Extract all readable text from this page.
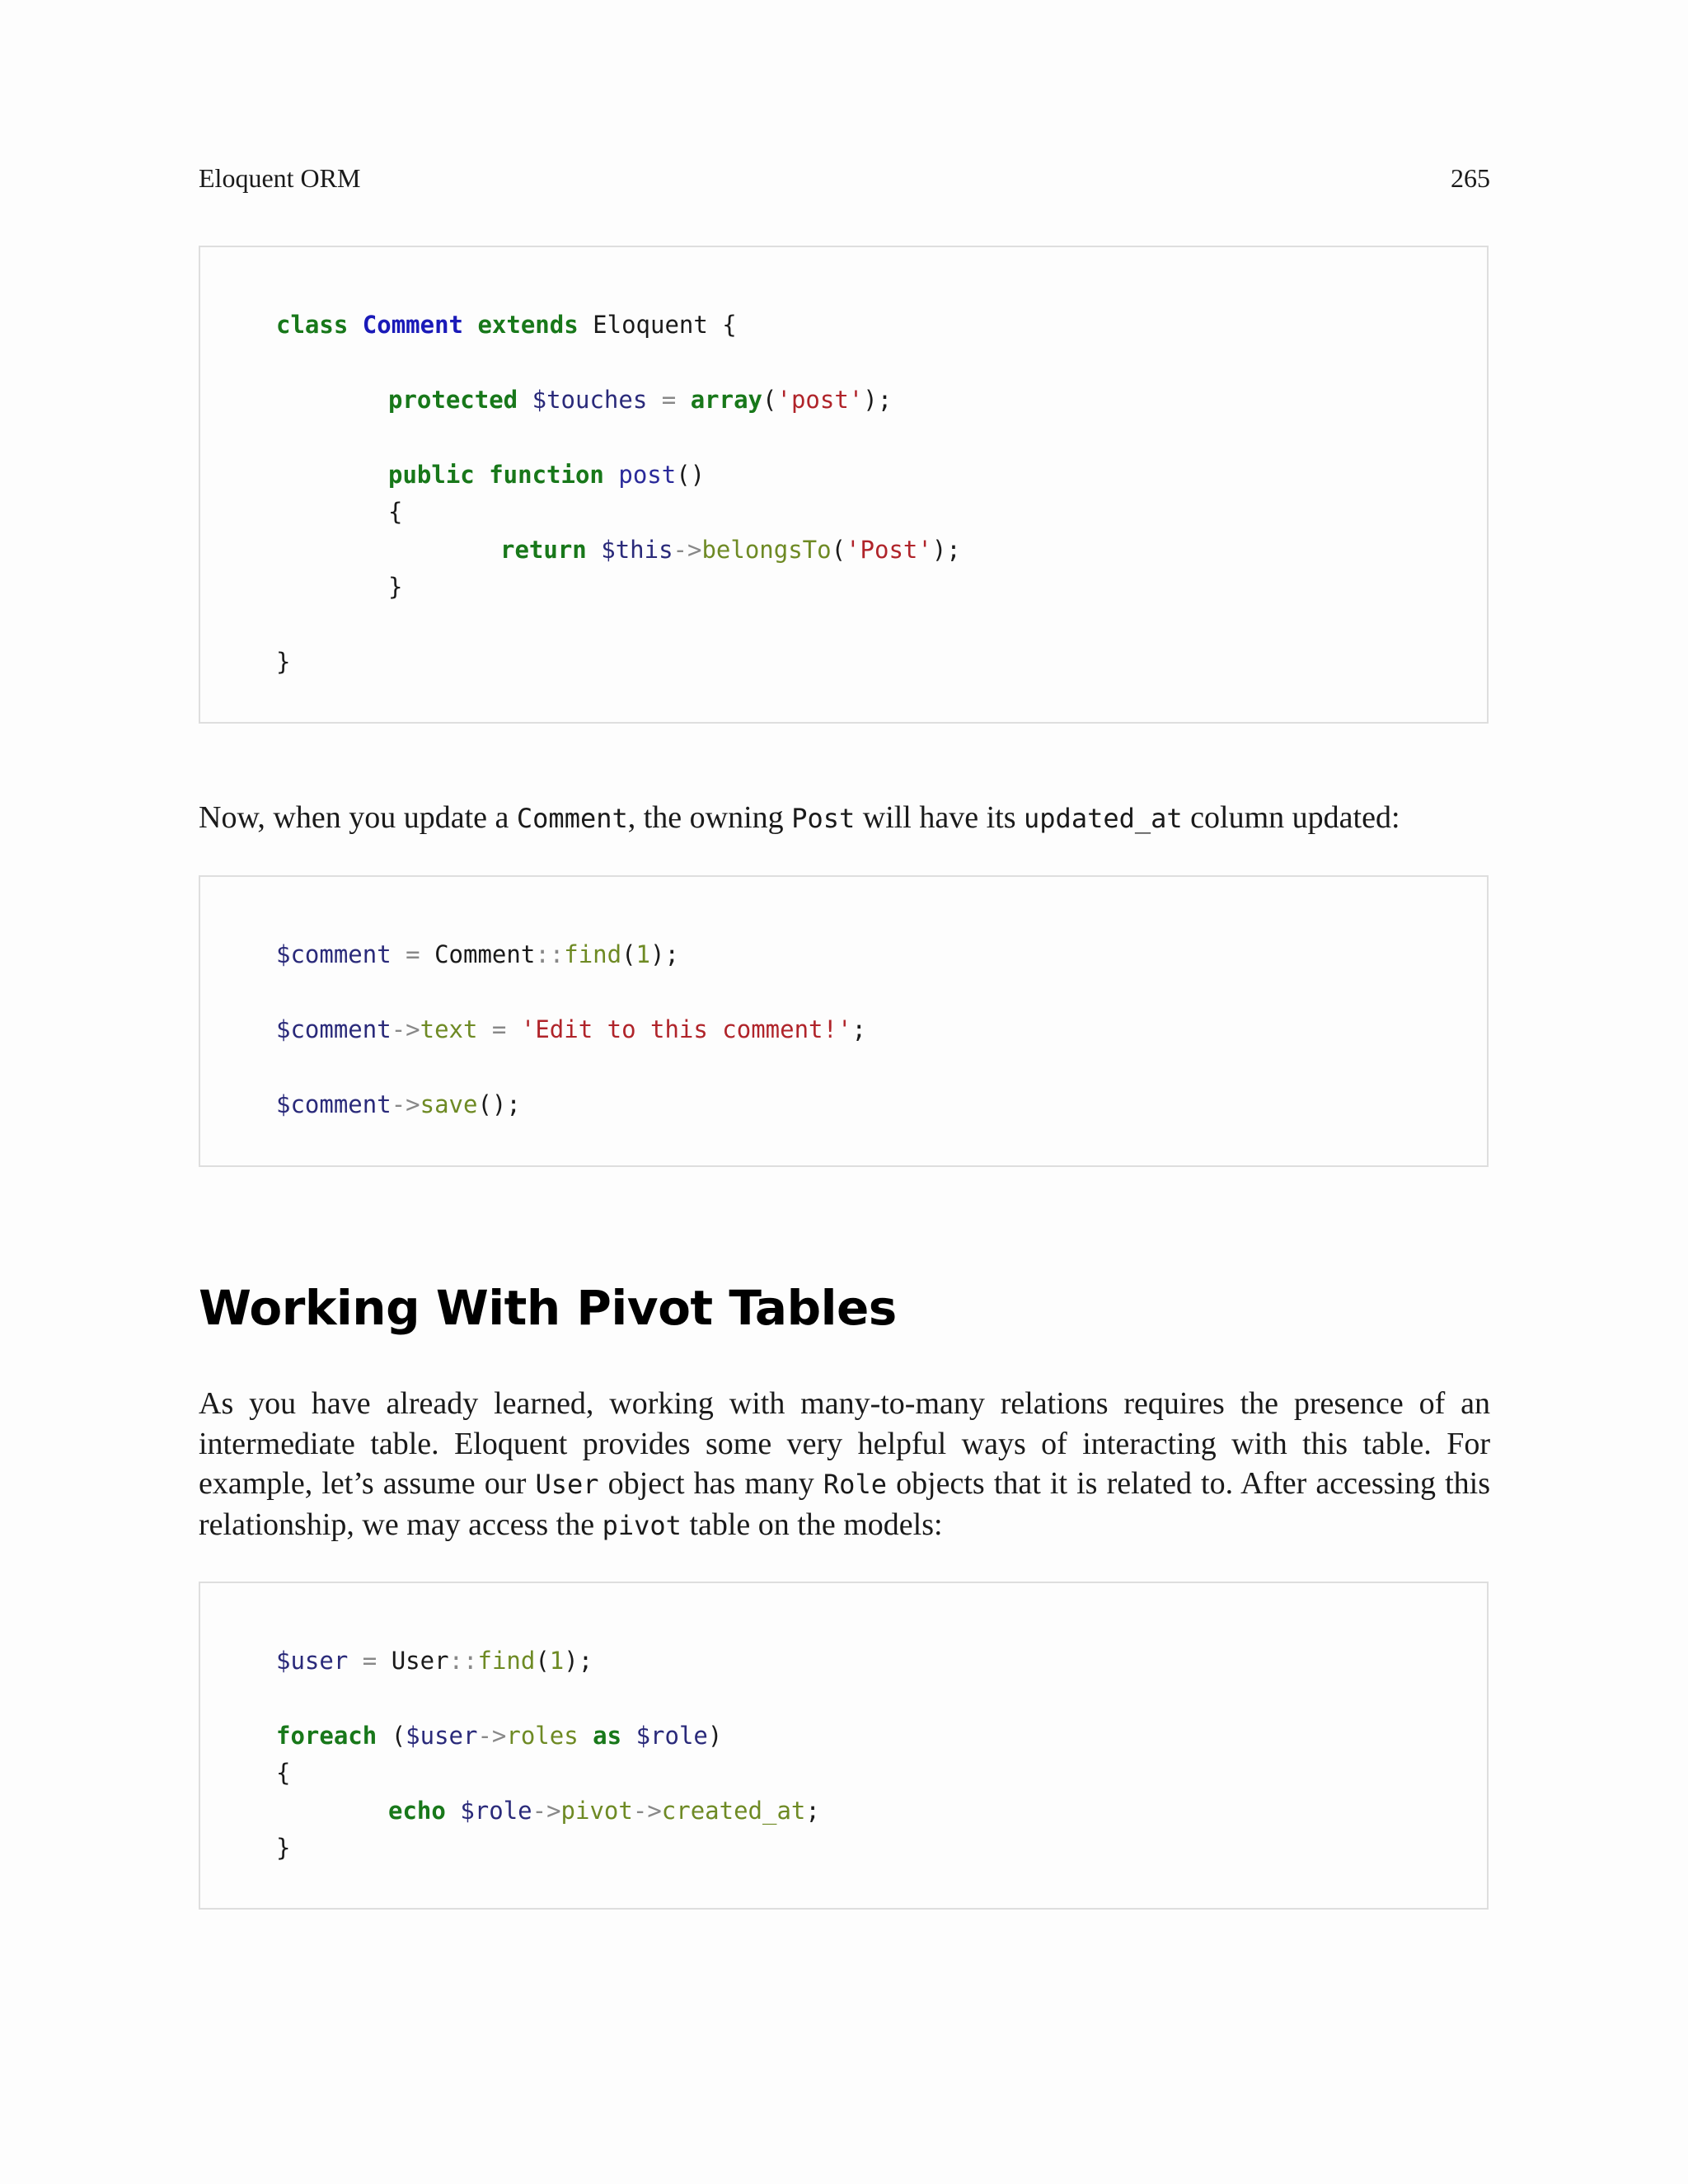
Eloquent ORM	265

class Comment extends Eloquent {

protected $touches = array('post');

public function post()

{

return $this->belongsTo('Post');

}

}

Now, when you update a Comment, the owning Post will have its updated_at column updated:

$comment = Comment::find(1);

$comment->text = 'Edit to this comment!';

$comment->save();

Working With Pivot Tables
As you have already learned, working with many-to-many relations requires the presence of an intermediate table. Eloquent provides some very helpful ways of interacting with this table. For example, let’s assume our User object has many Role objects that it is related to. After accessing this relationship, we may access the pivot table on the models:

$user = User::find(1);

foreach ($user->roles as $role)

{

echo $role->pivot->created_at;

}
